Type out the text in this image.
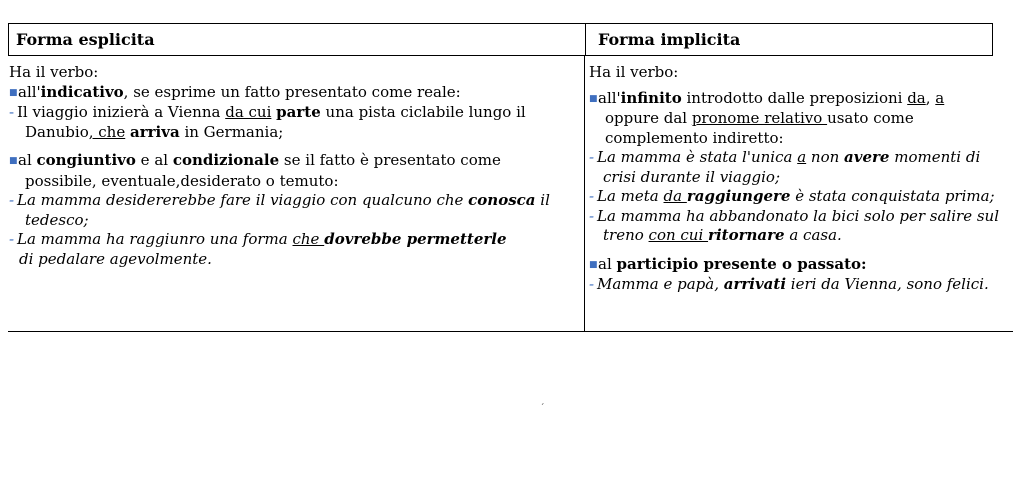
Forma esplicita	Forma implicita
Ha il verbo:
■all'indicativo, se esprime un fatto presentato come reale:
- Il viaggio inizierà a Vienna da cui parte una pista ciclabile lungo il
Danubio, che arriva in Germania;
■al congiuntivo e al condizionale se il fatto è presentato come
possibile, eventuale,desiderato o temuto:
- La mamma desidererebbe fare il viaggio con qualcuno che conosca il
tedesco;
- La mamma ha raggiunro una forma che dovrebbe permetterle
di pedalare agevolmente.
Ha il verbo:
■all'infinito introdotto dalle preposizioni da, a
oppure dal pronome relativo usato come
complemento indiretto:
- La mamma è stata l'unica a non avere momenti di
crisi durante il viaggio;
- La meta da raggiungere è stata conquistata prima;
- La mamma ha abbandonato la bici solo per salire sul
treno con cui ritornare a casa.
■al participio presente o passato:
- Mamma e papà, arrivati ieri da Vienna, sono felici.
´
